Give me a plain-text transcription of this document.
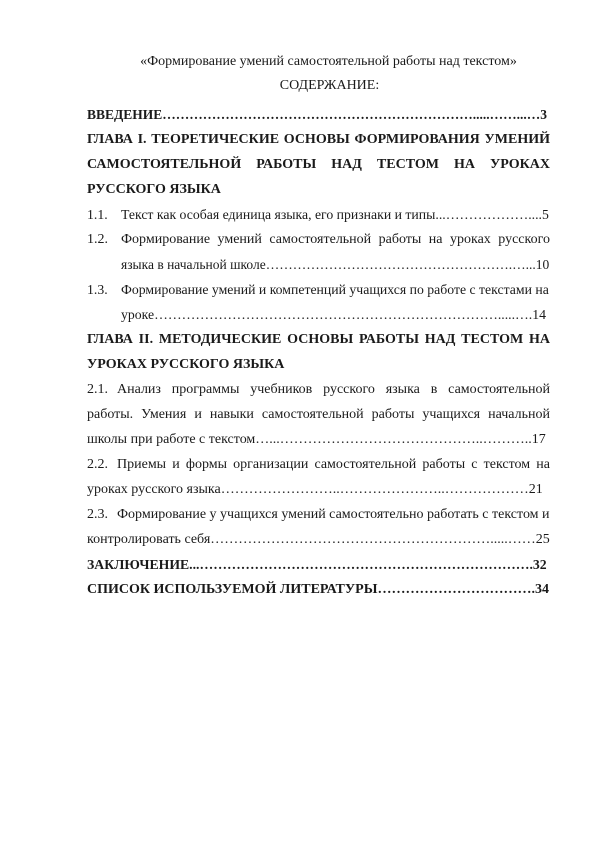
«Формирование умений самостоятельной работы над текстом»

СОДЕРЖАНИЕ:

ВВЕДЕНИЕ…………………………………………………………….....……...…3
ГЛАВА I. ТЕОРЕТИЧЕСКИЕ ОСНОВЫ ФОРМИРОВАНИЯ УМЕНИЙ
САМОСТОЯТЕЛЬНОЙ РАБОТЫ НАД ТЕСТОМ НА УРОКАХ
РУССКОГО ЯЗЫКА
1.1. Текст как особая единица языка, его признаки и типы...………………....5
1.2. Формирование умений самостоятельной работы на уроках русского
языка в начальной школе……………………………………………….…...10
1.3. Формирование умений и компетенций учащихся по работе с текстами на
уроке………………………………………………………………….....….14
ГЛАВА II. МЕТОДИЧЕСКИЕ ОСНОВЫ РАБОТЫ НАД ТЕСТОМ НА
УРОКАХ РУССКОГО ЯЗЫКА
2.1. Анализ программы учебников русского языка в самостоятельной
работы. Умения и навыки самостоятельной работы учащихся начальной
школы при работе с текстом…...……………………………………..………..17
2.2. Приемы и формы организации самостоятельной работы с текстом на
уроках русского языка……………………..…………………..………………21
2.3. Формирование у учащихся умений самостоятельно работать с текстом и
контролировать себя…………………………………………………….....……25
ЗАКЛЮЧЕНИЕ...……………………………………………………………….32
СПИСОК ИСПОЛЬЗУЕМОЙ ЛИТЕРАТУРЫ…………………………….34
